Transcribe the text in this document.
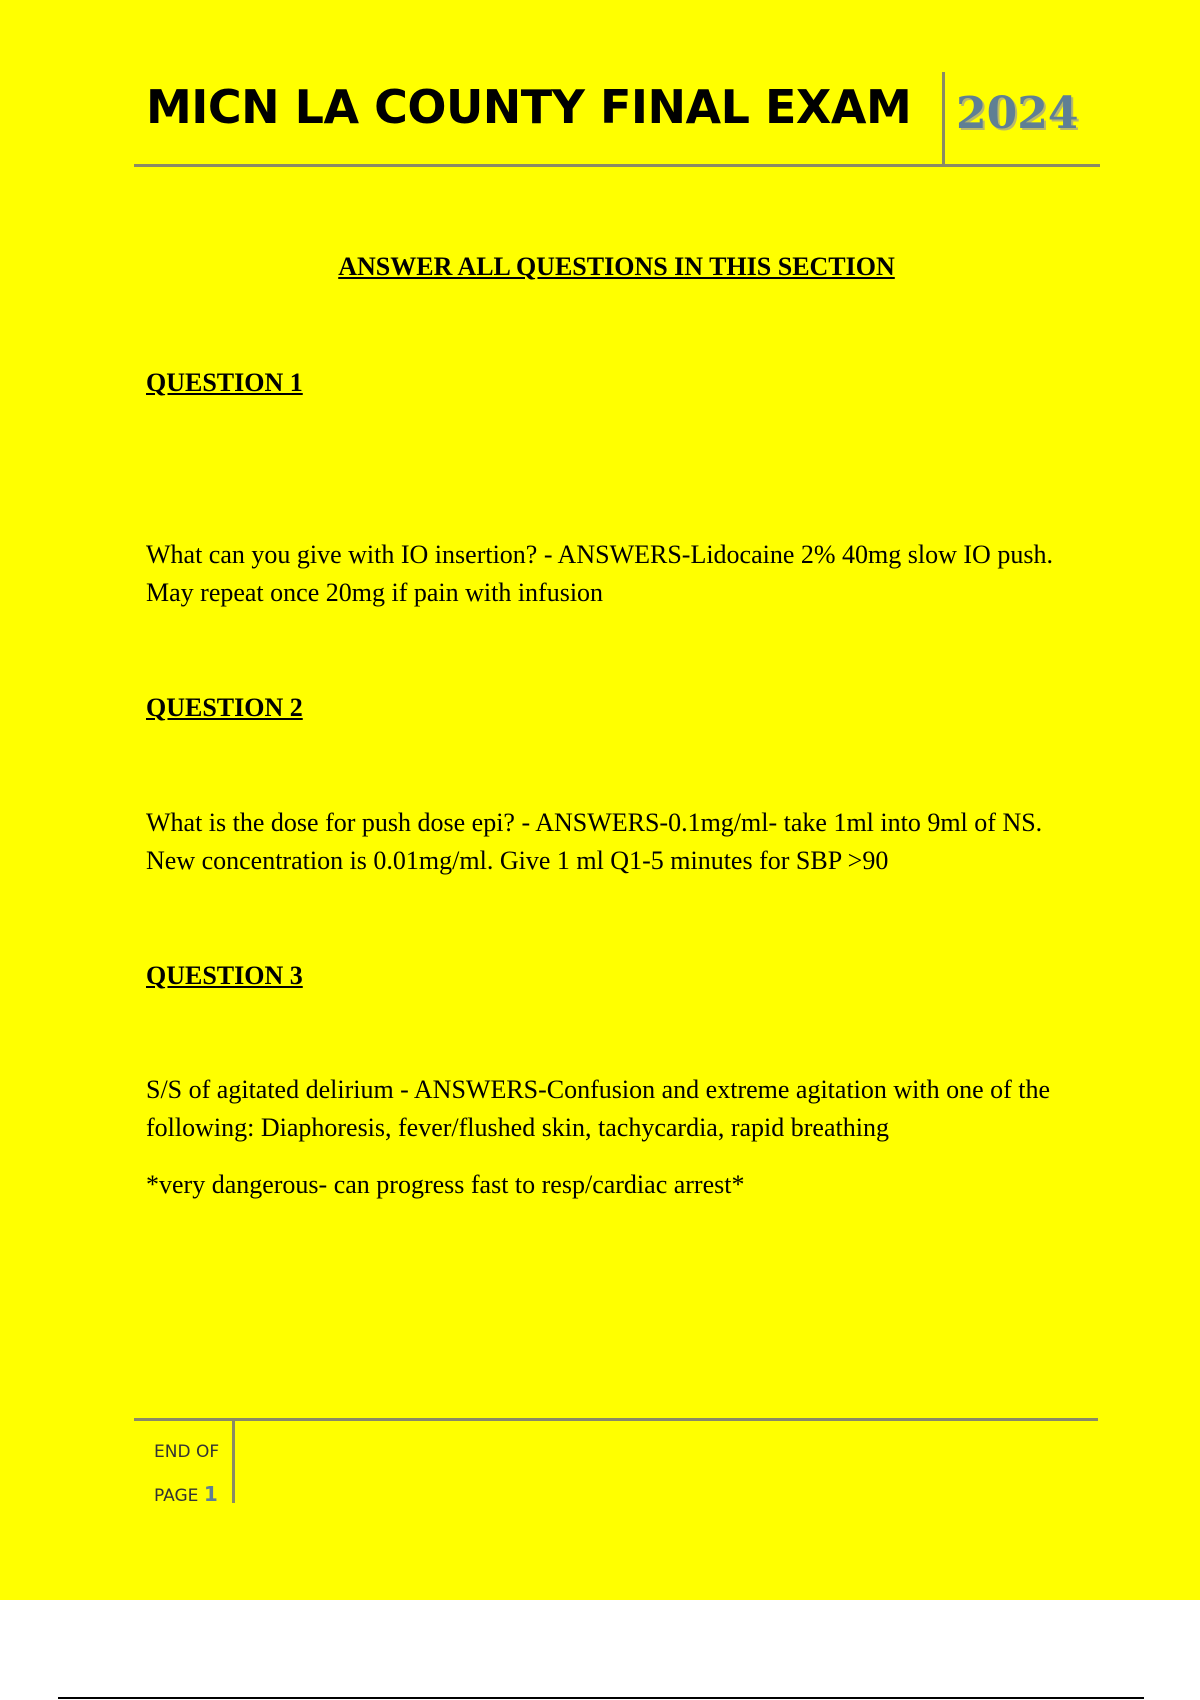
MICN LA COUNTY FINAL EXAM 2024
ANSWER ALL QUESTIONS IN THIS SECTION
QUESTION 1
What can you give with IO insertion? - ANSWERS-Lidocaine 2% 40mg slow IO push. May repeat once 20mg if pain with infusion
QUESTION 2
What is the dose for push dose epi? - ANSWERS-0.1mg/ml- take 1ml into 9ml of NS. New concentration is 0.01mg/ml. Give 1 ml Q1-5 minutes for SBP >90
QUESTION 3
S/S of agitated delirium - ANSWERS-Confusion and extreme agitation with one of the following: Diaphoresis, fever/flushed skin, tachycardia, rapid breathing
*very dangerous- can progress fast to resp/cardiac arrest*
END OF
PAGE 1
